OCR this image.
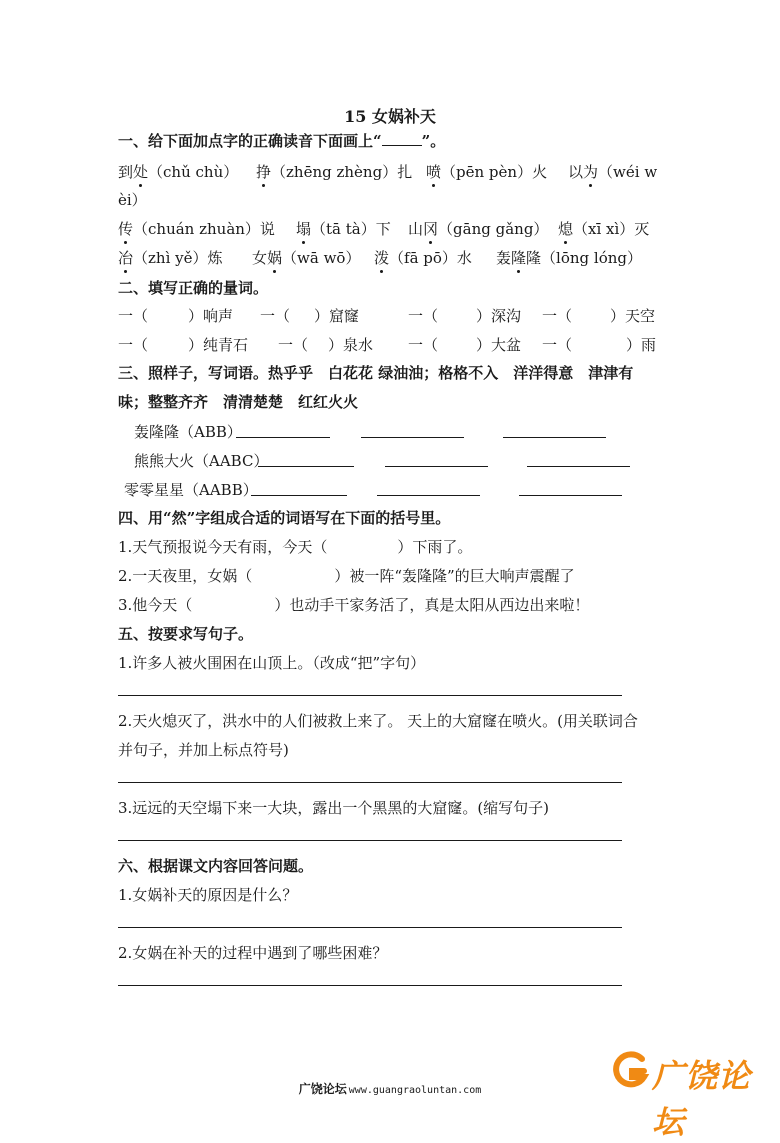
15 女娲补天
一、给下面加点字的正确读音下面画上“	”。
到处（chǔ chù） 挣（zhēng zhèng）扎 喷（pēn pèn）火 以为（wéi w
èi）
传（chuán zhuàn）说 塌（tā tà）下 山冈（gāng gǎng） 熄（xī xì）灭
冶（zhì yě）炼 女娲（wā wō） 泼（fā pō）水 轰隆隆（lōng lóng）
二、填写正确的量词。
一（	）响声 一（ ）窟窿	一（	）深沟 一（	）天空
一（	）纯青石 一（ ）泉水 一（	）大盆 一（	）雨
三、照样子，写词语。热乎乎　白花花 绿油油；格格不入　洋洋得意　津津有
味；整整齐齐　清清楚楚　红红火火
轰隆隆（ABB）
熊熊大火（AABC）
零零星星（AABB）
四、用“然”字组成合适的词语写在下面的括号里。
1.天气预报说今天有雨，今天（	）下雨了。
2.一天夜里，女娲（	）被一阵“轰隆隆”的巨大响声震醒了
3.他今天（	）也动手干家务活了，真是太阳从西边出来啦！
五、按要求写句子。
1.许多人被火围困在山顶上。（改成“把”字句）
2.天火熄灭了，洪水中的人们被救上来了。 天上的大窟窿在喷火。(用关联词合
并句子，并加上标点符号)
3.远远的天空塌下来一大块，露出一个黑黑的大窟窿。(缩写句子)
六、根据课文内容回答问题。
1.女娲补天的原因是什么？
2.女娲在补天的过程中遇到了哪些困难？
广饶论坛
广饶论坛 www.guangraoluntan.com
